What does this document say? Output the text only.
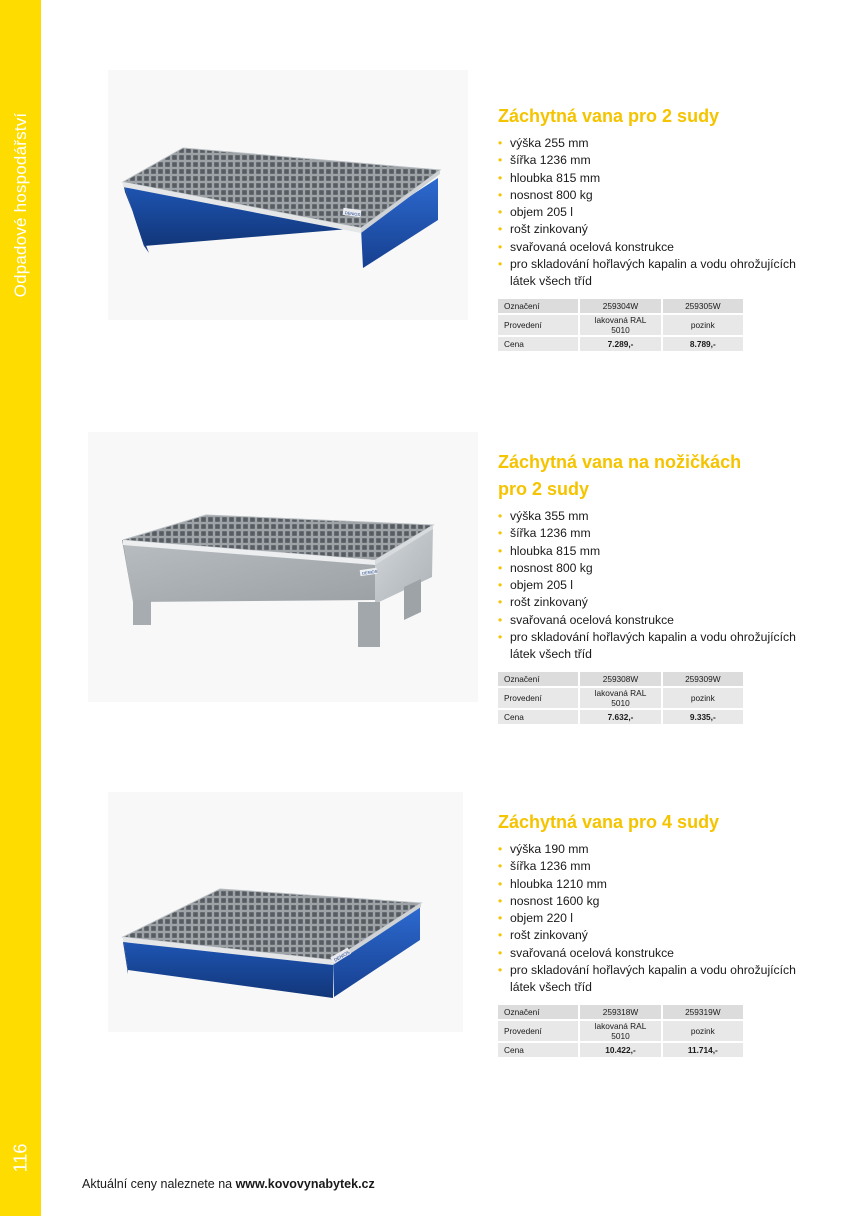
Odpadové hospodářství
116
DENIOS
Záchytná vana pro 2 sudy
• výška 255 mm
• šířka 1236 mm
• hloubka 815 mm
• nosnost 800 kg
• objem 205 l
• rošt zinkovaný
• svařovaná ocelová konstrukce
• pro skladování hořlavých kapalin a vodu ohrožujících látek všech tříd
Označení	259304W	259305W
Provedení	lakovaná RAL 5010	pozink
Cena	7.289,-	8.789,-
DENIOS
Záchytná vana na nožičkách pro 2 sudy
• výška 355 mm
• šířka 1236 mm
• hloubka 815 mm
• nosnost 800 kg
• objem 205 l
• rošt zinkovaný
• svařovaná ocelová konstrukce
• pro skladování hořlavých kapalin a vodu ohrožujících látek všech tříd
Označení	259308W	259309W
Provedení	lakovaná RAL 5010	pozink
Cena	7.632,-	9.335,-
DENIOS
Záchytná vana pro 4 sudy
• výška 190 mm
• šířka 1236 mm
• hloubka 1210 mm
• nosnost 1600 kg
• objem 220 l
• rošt zinkovaný
• svařovaná ocelová konstrukce
• pro skladování hořlavých kapalin a vodu ohrožujících látek všech tříd
Označení	259318W	259319W
Provedení	lakovaná RAL 5010	pozink
Cena	10.422,-	11.714,-
Aktuální ceny naleznete na www.kovovynabytek.cz
